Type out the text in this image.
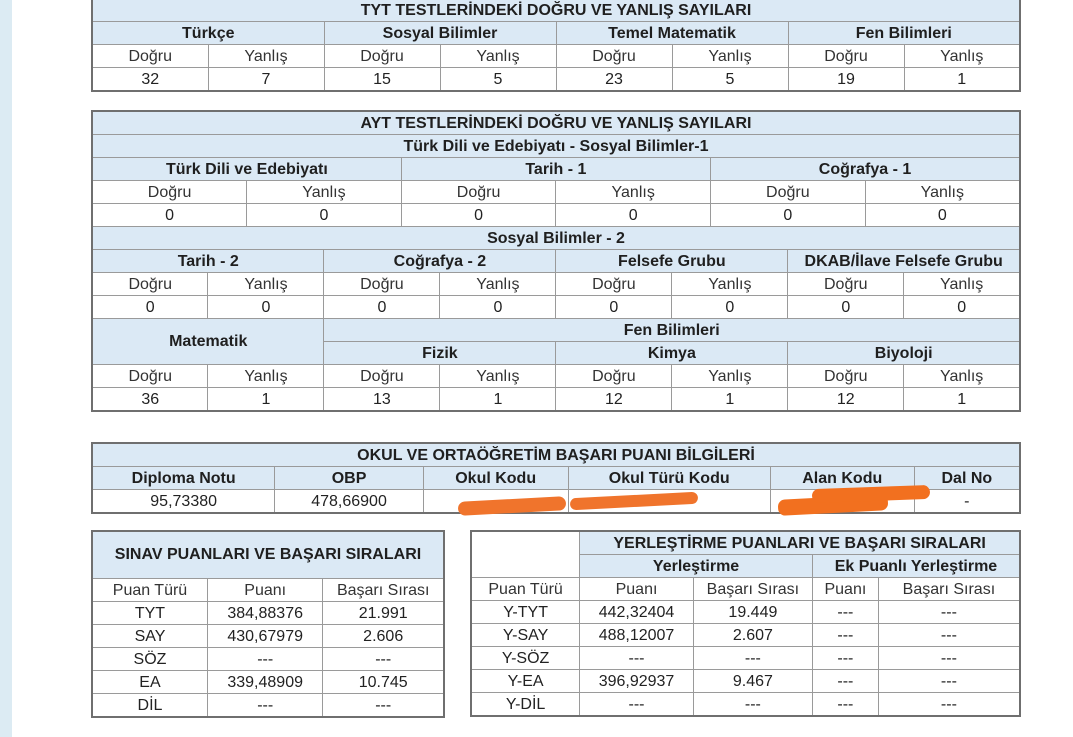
TYT TESTLERİNDEKİ DOĞRU VE YANLIŞ SAYILARI							
Türkçe		Sosyal Bilimler		Temel Matematik		Fen Bilimleri	
Doğru	Yanlış	Doğru	Yanlış	Doğru	Yanlış	Doğru	Yanlış
32	7	15	5	23	5	19	1
AYT TESTLERİNDEKİ DOĞRU VE YANLIŞ SAYILARI											
Türk Dili ve Edebiyatı - Sosyal Bilimler-1											
Türk Dili ve Edebiyatı				Tarih - 1				Coğrafya - 1			
Doğru		Yanlış		Doğru		Yanlış		Doğru		Yanlış	
0		0		0		0		0		0	
Sosyal Bilimler - 2											
Tarih - 2			Coğrafya - 2			Felsefe Grubu			DKAB/İlave Felsefe Grubu		
Doğru	Yanlış		Doğru		Yanlış	Doğru	Yanlış		Doğru		Yanlış
0	0		0		0	0	0		0		0
Matematik			Fen Bilimleri								
			Fizik			Kimya			Biyoloji		
Doğru	Yanlış		Doğru		Yanlış	Doğru	Yanlış		Doğru		Yanlış
36	1		13		1	12	1		12		1
OKUL VE ORTAÖĞRETİM BAŞARI PUANI BİLGİLERİ					
Diploma Notu	OBP	Okul Kodu	Okul Türü Kodu	Alan Kodu	Dal No
95,73380	478,66900				-
SINAV PUANLARI VE BAŞARI SIRALARI		
Puan Türü	Puanı	Başarı Sırası
TYT	384,88376	21.991
SAY	430,67979	2.606
SÖZ	---	---
EA	339,48909	10.745
DİL	---	---
	YERLEŞTİRME PUANLARI VE BAŞARI SIRALARI			
	Yerleştirme		Ek Puanlı Yerleştirme	
Puan Türü	Puanı	Başarı Sırası	Puanı	Başarı Sırası
Y-TYT	442,32404	19.449	---	---
Y-SAY	488,12007	2.607	---	---
Y-SÖZ	---	---	---	---
Y-EA	396,92937	9.467	---	---
Y-DİL	---	---	---	---
